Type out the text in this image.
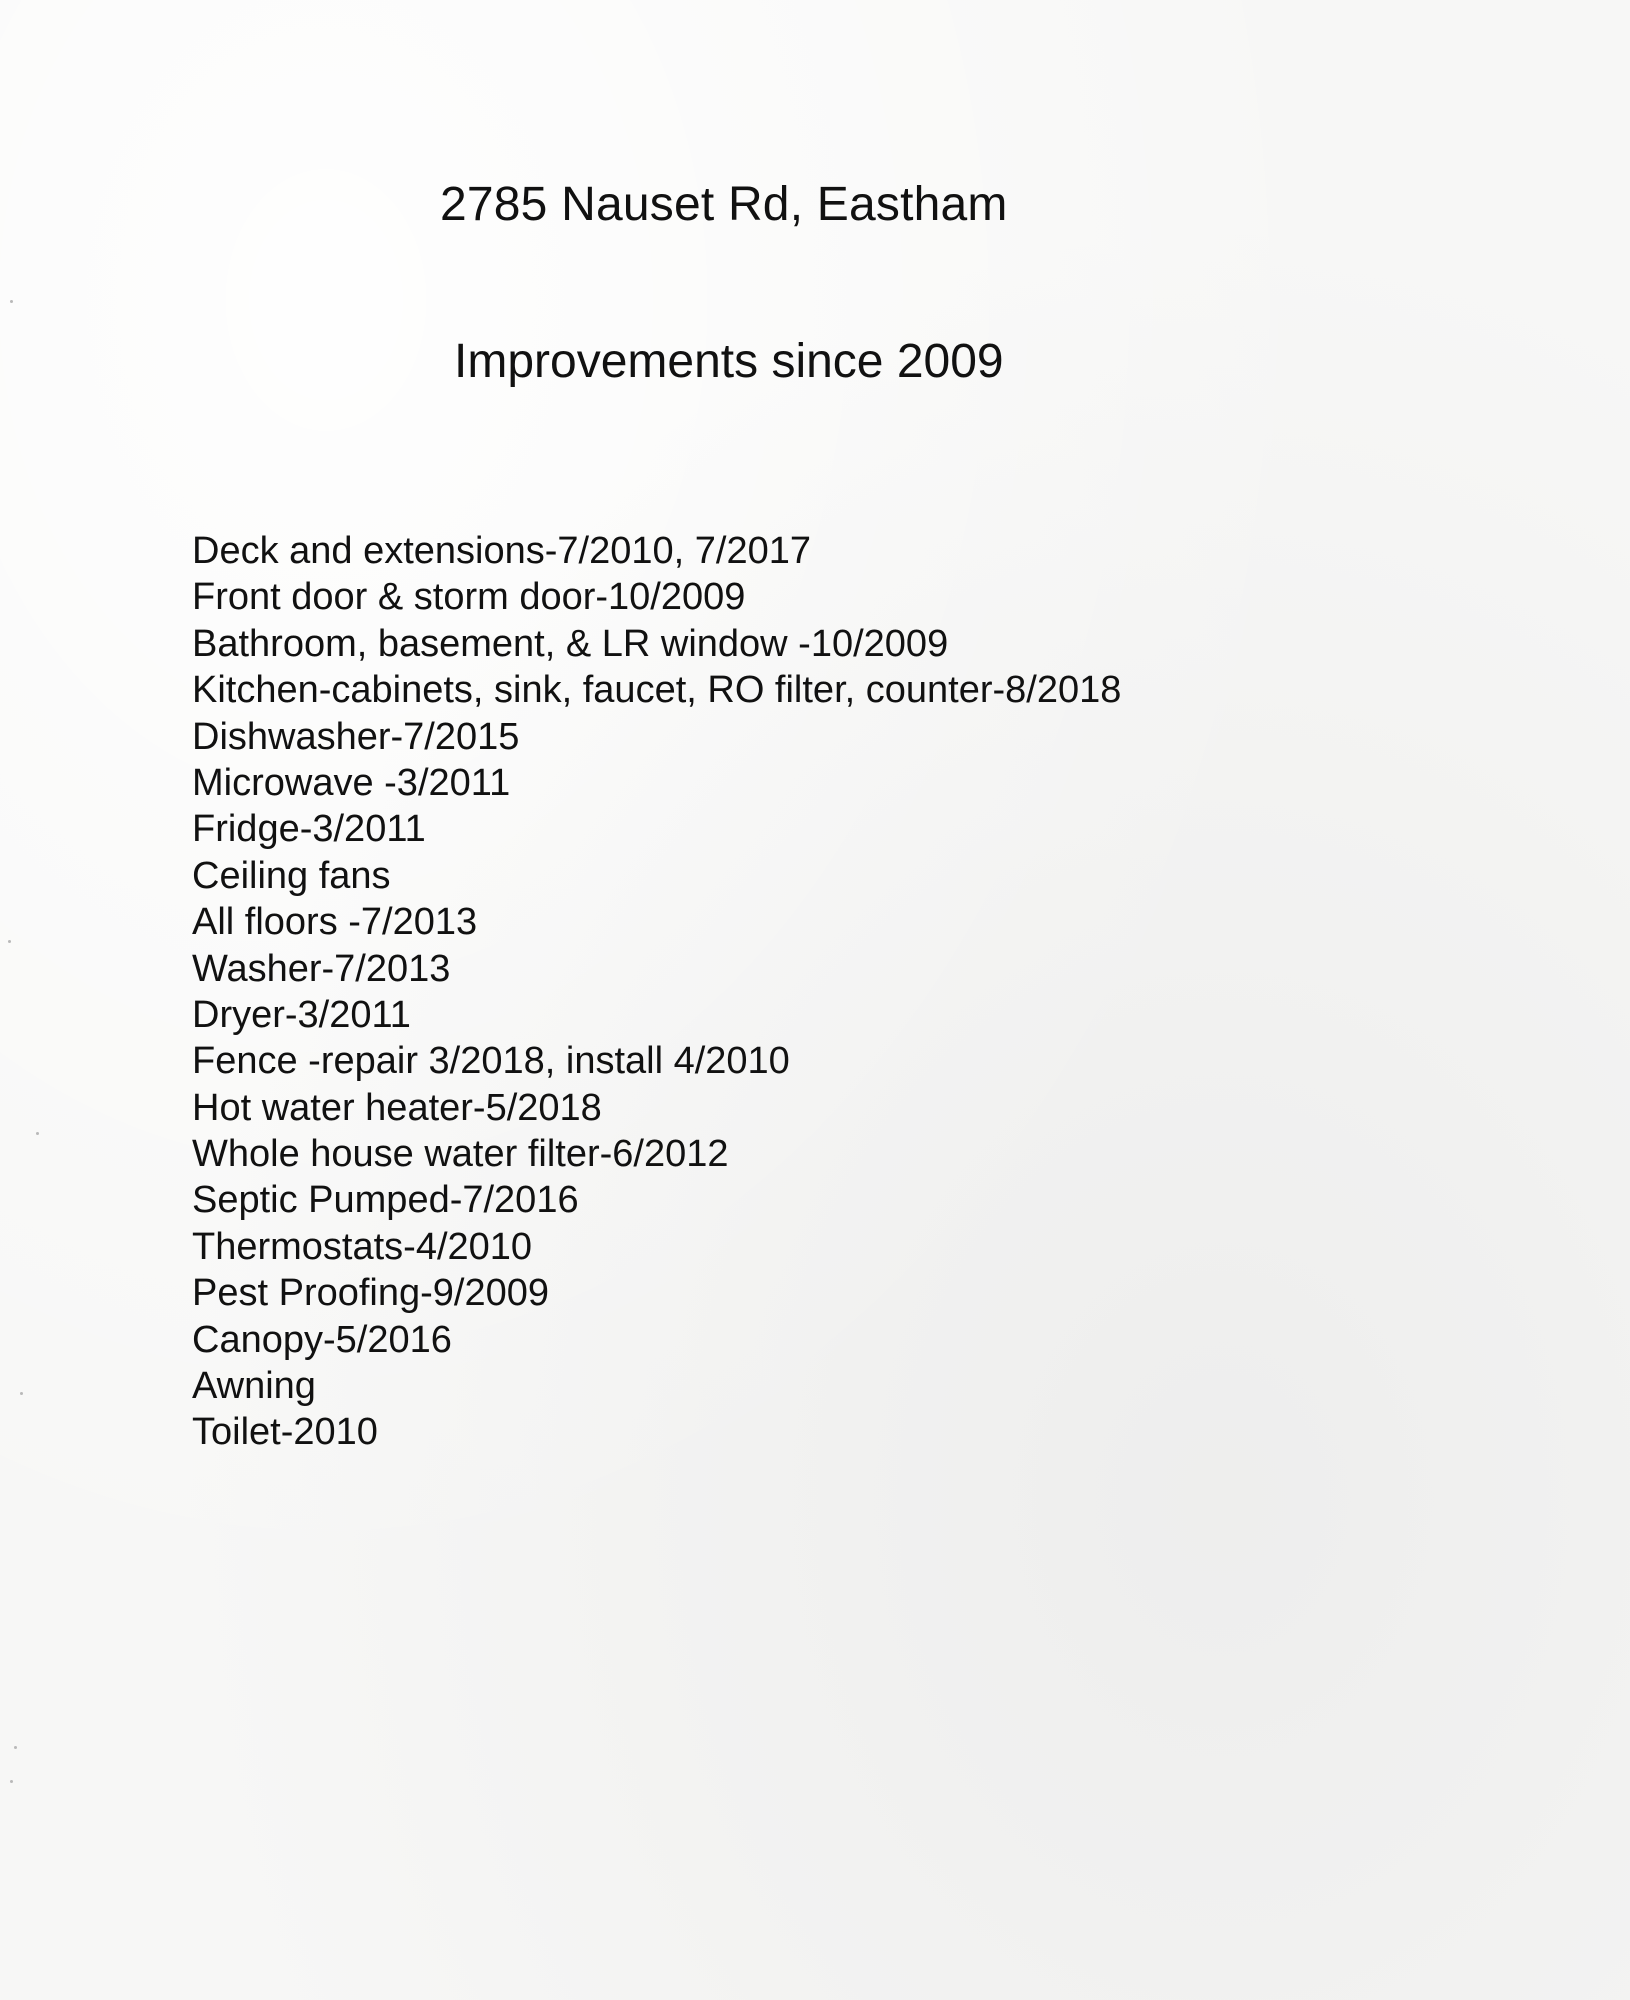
2785 Nauset Rd, Eastham
Improvements since 2009
Deck and extensions-7/2010, 7/2017
Front door & storm door-10/2009
Bathroom, basement, & LR window -10/2009
Kitchen-cabinets, sink, faucet, RO filter, counter-8/2018
Dishwasher-7/2015
Microwave -3/2011
Fridge-3/2011
Ceiling fans
All floors -7/2013
Washer-7/2013
Dryer-3/2011
Fence -repair 3/2018, install 4/2010
Hot water heater-5/2018
Whole house water filter-6/2012
Septic Pumped-7/2016
Thermostats-4/2010
Pest Proofing-9/2009
Canopy-5/2016
Awning
Toilet-2010
